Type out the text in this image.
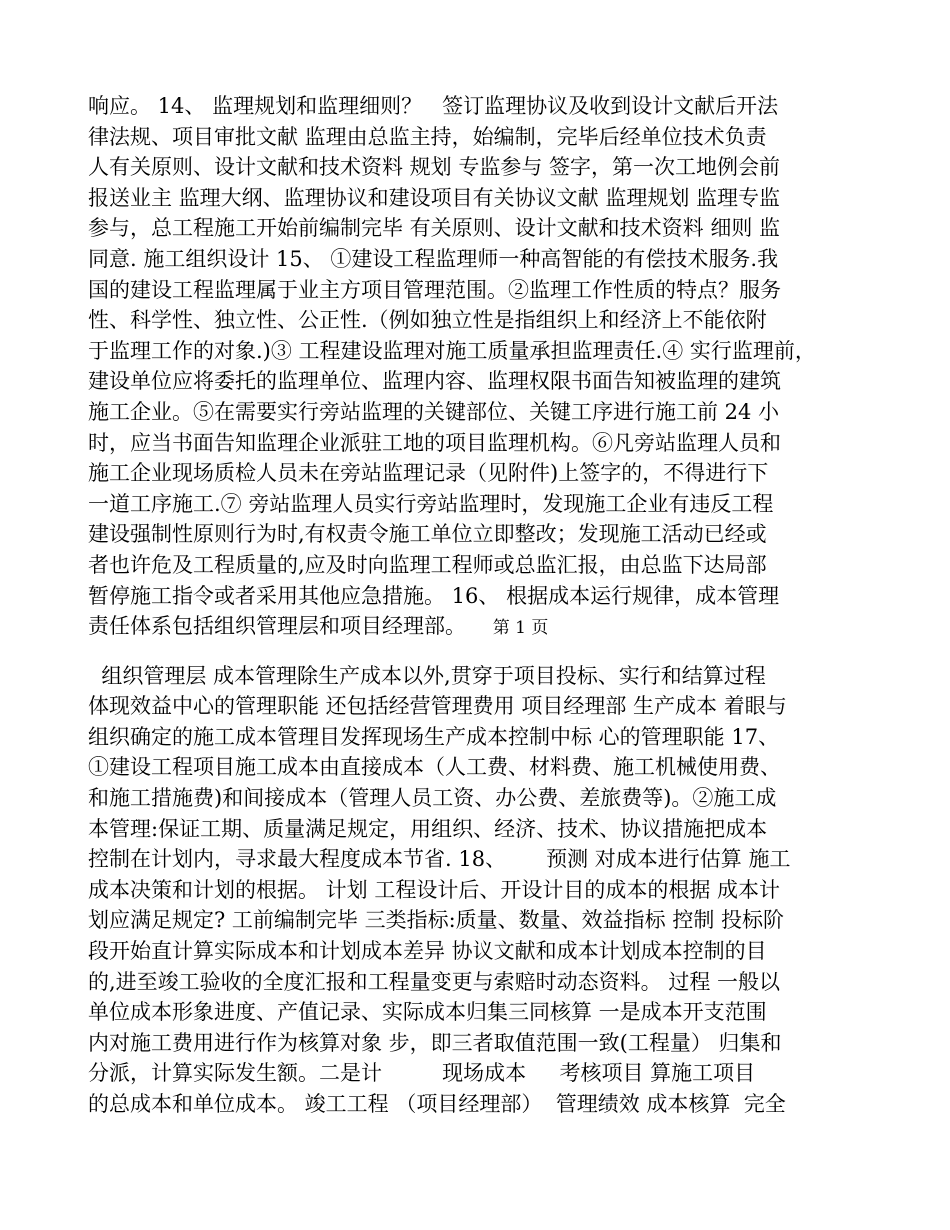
响应。 14、 监理规划和监理细则？   签订监理协议及收到设计文献后开法
律法规、项目审批文献 监理由总监主持，始编制，完毕后经单位技术负责
人有关原则、设计文献和技术资料 规划 专监参与 签字，第一次工地例会前
报送业主 监理大纲、监理协议和建设项目有关协议文献 监理规划 监理专监
参与，总工程施工开始前编制完毕 有关原则、设计文献和技术资料 细则 监
同意. 施工组织设计 15、 ①建设工程监理师一种高智能的有偿技术服务.我
国的建设工程监理属于业主方项目管理范围。②监理工作性质的特点？服务
性、科学性、独立性、公正性.（例如独立性是指组织上和经济上不能依附
于监理工作的对象.)③ 工程建设监理对施工质量承担监理责任.④ 实行监理前，
建设单位应将委托的监理单位、监理内容、监理权限书面告知被监理的建筑
施工企业。⑤在需要实行旁站监理的关键部位、关键工序进行施工前 24 小
时，应当书面告知监理企业派驻工地的项目监理机构。⑥凡旁站监理人员和
施工企业现场质检人员未在旁站监理记录（见附件)上签字的，不得进行下
一道工序施工.⑦ 旁站监理人员实行旁站监理时，发现施工企业有违反工程
建设强制性原则行为时,有权责令施工单位立即整改；发现施工活动已经或
者也许危及工程质量的,应及时向监理工程师或总监汇报，由总监下达局部
暂停施工指令或者采用其他应急措施。 16、 根据成本运行规律，成本管理
责任体系包括组织管理层和项目经理部。 第 1 页
组织管理层 成本管理除生产成本以外,贯穿于项目投标、实行和结算过程
体现效益中心的管理职能 还包括经营管理费用 项目经理部 生产成本 着眼与
组织确定的施工成本管理目发挥现场生产成本控制中标 心的管理职能 17、
①建设工程项目施工成本由直接成本（人工费、材料费、施工机械使用费、
和施工措施费)和间接成本（管理人员工资、办公费、差旅费等)。②施工成
本管理:保证工期、质量满足规定，用组织、经济、技术、协议措施把成本
控制在计划内，寻求最大程度成本节省. 18、      预测 对成本进行估算 施工
成本决策和计划的根据。 计划 工程设计后、开设计目的成本的根据 成本计
划应满足规定? 工前编制完毕 三类指标:质量、数量、效益指标 控制 投标阶
段开始直计算实际成本和计划成本差异 协议文献和成本计划成本控制的目
的,进至竣工验收的全度汇报和工程量变更与索赔时动态资料。 过程 一般以
单位成本形象进度、产值记录、实际成本归集三同核算 一是成本开支范围
内对施工费用进行作为核算对象 步，即三者取值范围一致(工程量） 归集和
分派，计算实际发生额。二是计         现场成本     考核项目 算施工项目
的总成本和单位成本。 竣工工程 （项目经理部）  管理绩效 成本核算  完全
